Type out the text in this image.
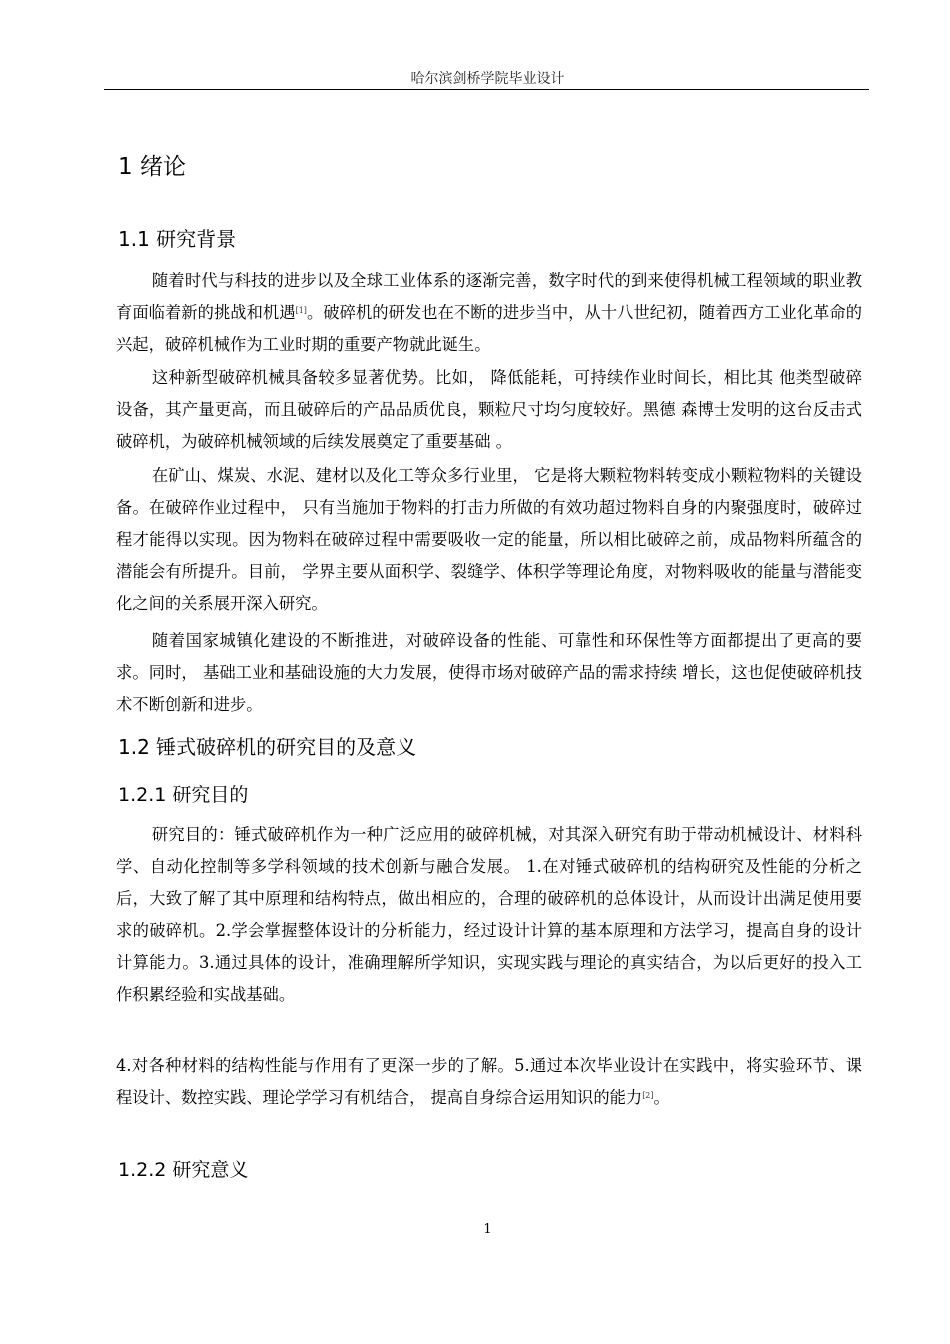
哈尔滨剑桥学院毕业设计
1 绪论
1.1 研究背景

随着时代与科技的进步以及全球工业体系的逐渐完善，数字时代的到来使得机械工程领域的职业教育面临着新的挑战和机遇[1]。破碎机的研发也在不断的进步当中，从十八世纪初，随着西方工业化革命的兴起，破碎机械作为工业时期的重要产物就此诞生。

这种新型破碎机械具备较多显著优势。比如， 降低能耗，可持续作业时间长，相比其 他类型破碎设备，其产量更高，而且破碎后的产品品质优良，颗粒尺寸均匀度较好。黑德 森博士发明的这台反击式破碎机，为破碎机械领域的后续发展奠定了重要基础 。

在矿山、煤炭、水泥、建材以及化工等众多行业里， 它是将大颗粒物料转变成小颗粒物料的关键设备。在破碎作业过程中， 只有当施加于物料的打击力所做的有效功超过物料自身的内聚强度时，破碎过程才能得以实现。因为物料在破碎过程中需要吸收一定的能量，所以相比破碎之前，成品物料所蕴含的潜能会有所提升。目前， 学界主要从面积学、裂缝学、体积学等理论角度，对物料吸收的能量与潜能变化之间的关系展开深入研究。

随着国家城镇化建设的不断推进，对破碎设备的性能、可靠性和环保性等方面都提出了更高的要求。同时， 基础工业和基础设施的大力发展，使得市场对破碎产品的需求持续 增长，这也促使破碎机技术不断创新和进步。

1.2 锤式破碎机的研究目的及意义
1.2.1 研究目的

研究目的：锤式破碎机作为一种广泛应用的破碎机械，对其深入研究有助于带动机械设计、材料科学、自动化控制等多学科领域的技术创新与融合发展。 1.在对锤式破碎机的结构研究及性能的分析之后，大致了解了其中原理和结构特点，做出相应的，合理的破碎机的总体设计，从而设计出满足使用要求的破碎机。2.学会掌握整体设计的分析能力，经过设计计算的基本原理和方法学习，提高自身的设计计算能力。3.通过具体的设计，准确理解所学知识，实现实践与理论的真实结合，为以后更好的投入工作积累经验和实战基础。

4.对各种材料的结构性能与作用有了更深一步的了解。5.通过本次毕业设计在实践中，将实验环节、课程设计、数控实践、理论学学习有机结合， 提高自身综合运用知识的能力[2]。

1.2.2 研究意义
1
